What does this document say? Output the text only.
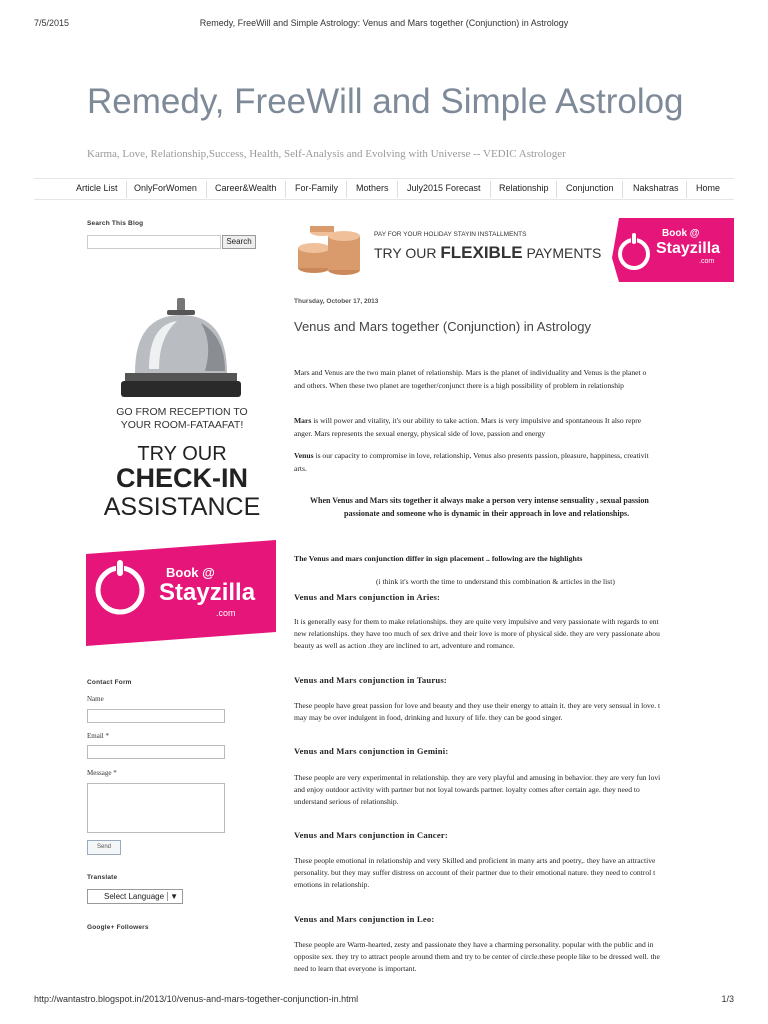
7/5/2015	Remedy, FreeWill and Simple Astrology: Venus and Mars together (Conjunction) in Astrology
Remedy, FreeWill and Simple Astrolog
Karma, Love, Relationship,Success, Health, Self-Analysis and Evolving with Universe -- VEDIC Astrologer
Article List OnlyForWomen Career&Wealth For-Family Mothers July2015 Forecast Relationship Conjunction Nakshatras Home
Search This Blog
Search
GO FROM RECEPTION TO
YOUR ROOM-FATAAFAT!
TRY OUR
CHECK-IN
ASSISTANCE
Book @
Stayzilla
.com
Contact Form
Name
Email *
Message *
Send
Translate
Select Language ▼
Google+ Followers
PAY FOR YOUR HOLIDAY STAYIN INSTALLMENTS
TRY OUR FLEXIBLE PAYMENTS
Book @
Stayzilla
.com
Thursday, October 17, 2013
Venus and Mars together (Conjunction) in Astrology
Mars and Venus are the two main planet of relationship. Mars is the planet of individuality and Venus is the planet o
and others. When these two planet are together/conjunct there is a high possibility of problem in relationship
Mars is will power and vitality, it's our ability to take action. Mars is very impulsive and spontaneous It also repre
anger. Mars represents the sexual energy, physical side of love, passion and energy
Venus is our capacity to compromise in love, relationship, Venus also presents passion, pleasure, happiness, creativit
arts.
When Venus and Mars sits together it always make a person very intense sensuality , sexual passion
passionate and someone who is dynamic in their approach in love and relationships.
The Venus and mars conjunction differ in sign placement .. following are the highlights
(i think it's worth the time to understand this combination & articles in the list)
Venus and Mars conjunction in Aries:
It is generally easy for them to make relationships. they are quite very impulsive and very passionate with regards to ent
new relationships. they have too much of sex drive and their love is more of physical side. they are very passionate abou
beauty as well as action .they are inclined to art, adventure and romance.
Venus and Mars conjunction in Taurus:
These people have great passion for love and beauty and they use their energy to attain it. they are very sensual in love. t
may may be over indulgent in food, drinking and luxury of life. they can be good singer.
Venus and Mars conjunction in Gemini:
These people are very experimental in relationship. they are very playful and amusing in behavior. they are very fun lovi
and enjoy outdoor activity with partner but not loyal towards partner. loyalty comes after certain age. they need to
understand serious of relationship.
Venus and Mars conjunction in Cancer:
These people emotional in relationship and very Skilled and proficient in many arts and poetry,. they have an attractive
personality. but they may suffer distress on account of their partner due to their emotional nature. they need to control t
emotions in relationship.
Venus and Mars conjunction in Leo:
These people are Warm-hearted, zesty and passionate they have a charming personality. popular with the public and in
opposite sex. they try to attract people around them and try to be center of circle.these people like to be dressed well. the
need to learn that everyone is important.
http://wantastro.blogspot.in/2013/10/venus-and-mars-together-conjunction-in.html	1/3
